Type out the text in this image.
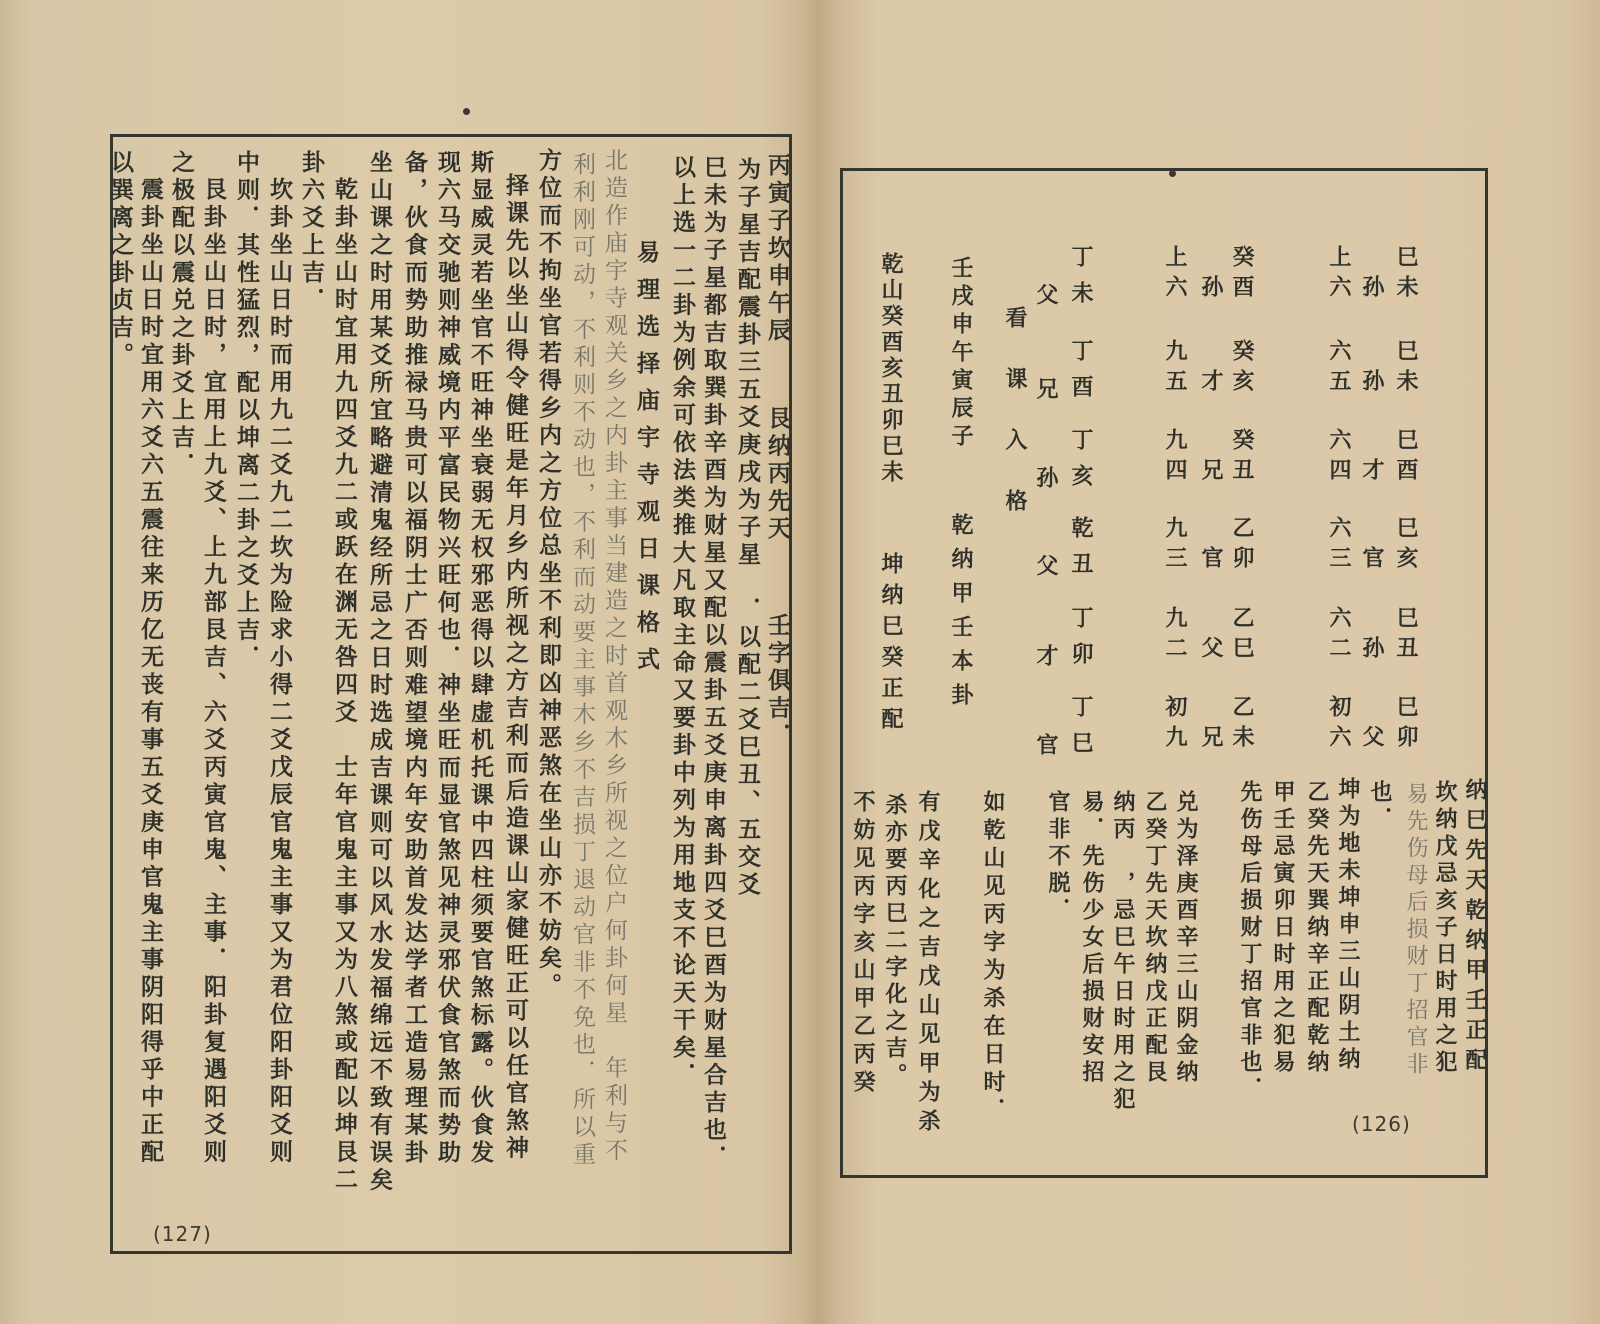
丙寅子坎申午辰
艮纳丙先天
壬字俱吉．
为子星吉配震卦三五爻庚戌为子星　．以配二爻巳丑、五交爻
巳未为子星都吉取巽卦辛酉为财星又配以震卦五爻庚申离卦四爻巳酉为财星合吉也．
以上选一二卦为例余可依法类推大凡取主命又要卦中列为用地支不论天干矣．
易理选择庙宇寺观日课格式
北造作庙宇寺观关乡之内卦主事当建造之时首观木乡所视之位户何卦何星　年利与不
利利刚可动，不利则不动也，不利而动要主事木乡不吉损丁退动官非不免也．所以重
方位而不拘坐官若得乡内之方位总坐不利即凶神恶煞在坐山亦不妨矣。
择课先以坐山得令健旺是年月乡内所视之方吉利而后造课山家健旺正可以任官煞神
斯显威灵若坐官不旺神坐衰弱无权邪恶得以肆虚机托课中四柱须要官煞标露。伙食发
现六马交驰则神威境内平富民物兴旺何也．神坐旺而显官煞见神灵邪伏食官煞而势助
备，伙食而势助推禄马贵可以福阴士广否则难望境内年安助首发达学者工造易理某卦
坐山课之时用某爻所宜略避清鬼经所忌之日时选成吉课则可以风水发福绵远不致有误矣
乾卦坐山时宜用九四爻九二或跃在渊无咎四爻　士年官鬼主事又为八煞或配以坤艮二
卦六爻上吉．
坎卦坐山日时而用九二爻九二坎为险求小得二爻戊辰官鬼主事又为君位阳卦阳爻则
中则．其性猛烈，配以坤离二卦之爻上吉．
艮卦坐山日时，宜用上九爻、上九部艮吉、六爻丙寅官鬼、主事．阳卦复遇阳爻则
之极配以震兑之卦爻上吉．
震卦坐山日时宜用六爻六五震往来历亿无丧有事五爻庚申官鬼主事阴阳得乎中正配
以巽离之卦贞吉。
(127)
巳未
孙
上六
巳未
孙
六五
巳酉
才
六四
巳亥
官
六三
巳丑
孙
六二
巳卯
父
初六
癸酉
孙
上六
癸亥
才
九五
癸丑
兄
九四
乙卯
官
九三
乙巳
父
九二
乙未
兄
初九
丁未
父
丁酉
兄
丁亥
孙
乾丑
父
丁卯
才
丁巳
官
看课入格
壬戌申午寅辰子
乾纳甲壬本卦
乾山癸酉亥丑卯巳未
坤纳巳癸正配
纳巳先天乾纳甲壬正配
坎纳戊忌亥子日时用之犯
易先伤母后损财丁招官非
也．
坤为地未坤申三山阴土纳
乙癸先天巽纳辛正配乾纳
甲壬忌寅卯日时用之犯易
先伤母后损财丁招官非也．
兑为泽庚酉辛三山阴金纳
乙癸丁先天坎纳戊正配艮
纳丙　，忌巳午日时用之犯
易．先伤少女后损财安招
官非不脱．
如乾山见丙字为杀在日时．
有戊辛化之吉戊山见甲为杀
杀亦要丙巳二字化之吉。
不妨见丙字亥山甲乙丙癸
(126)
